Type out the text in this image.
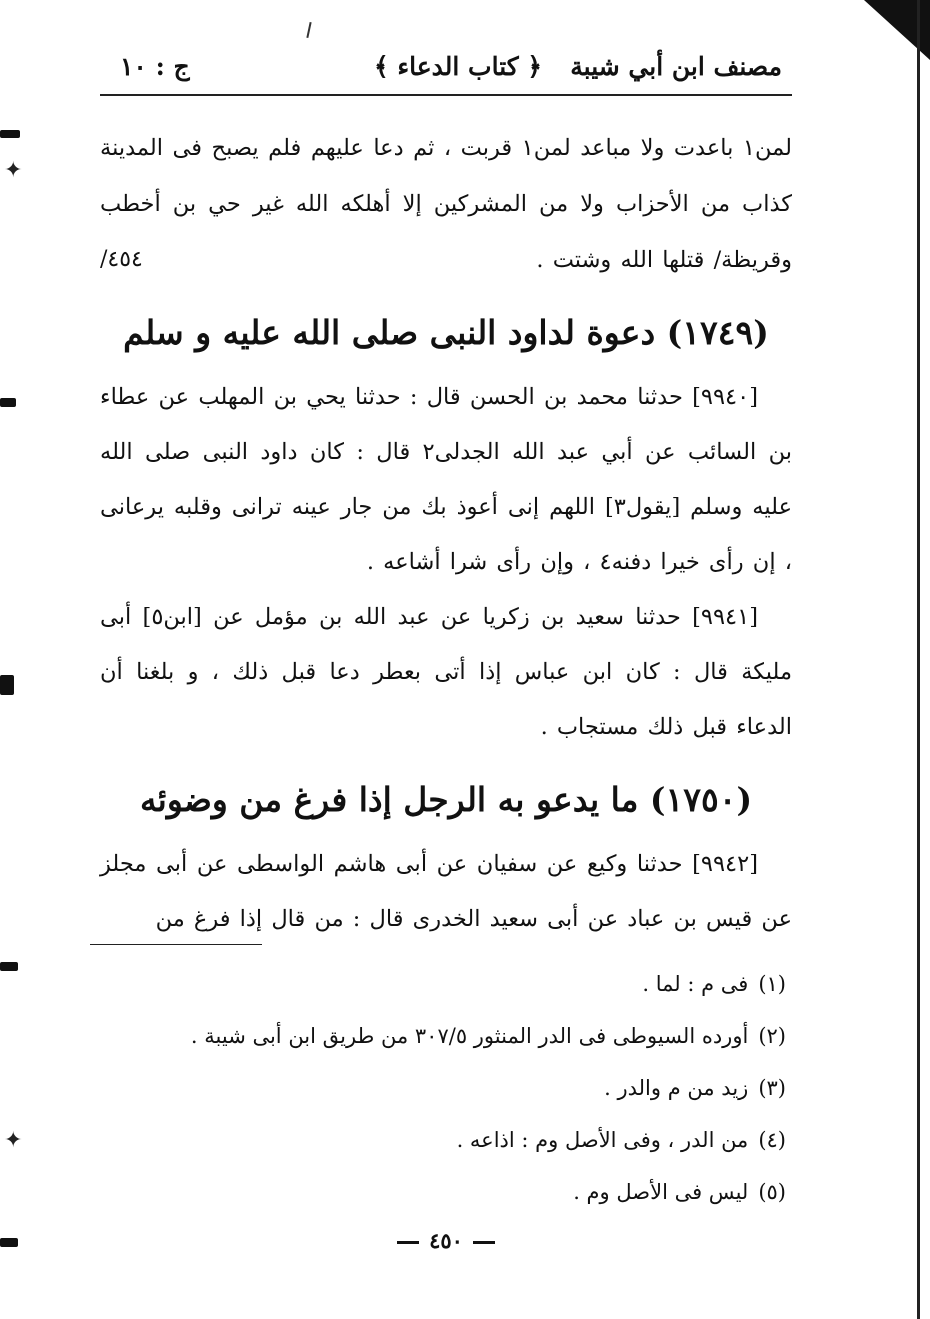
✦
✦
مصنف ابن أبي شيبة
﴿ كتاب الدعاء ﴾
ج : ١٠

لمن١ باعدت ولا مباعد لمن١ قربت ، ثم دعا عليهم فلم يصبح فى المدينة كذاب من الأحزاب ولا من المشركين إلا أهلكه الله غير حي بن أخطب وقريظة/ قتلها الله وشتت .
٤٥٤/

(١٧٤٩) دعوة لداود النبى صلى الله عليه و سلم

[٩٩٤٠] حدثنا محمد بن الحسن قال : حدثنا يحي بن المهلب عن عطاء بن السائب عن أبي عبد الله الجدلى٢ قال : كان داود النبى صلى الله عليه وسلم [يقول٣] اللهم إنى أعوذ بك من جار عينه ترانى وقلبه يرعانى ، إن رأى خيرا دفنه٤ ، وإن رأى شرا أشاعه .

[٩٩٤١] حدثنا سعيد بن زكريا عن عبد الله بن مؤمل عن [ابن٥] أبى مليكة قال : كان ابن عباس إذا أتى بعطر دعا قبل ذلك ، و بلغنا أن الدعاء قبل ذلك مستجاب .

(١٧٥٠) ما يدعو به الرجل إذا فرغ من وضوئه

[٩٩٤٢] حدثنا وكيع عن سفيان عن أبى هاشم الواسطى عن أبى مجلز عن قيس بن عباد عن أبى سعيد الخدرى قال : من قال إذا فرغ من

(١)فى م : لما .

(٢)أورده السيوطى فى الدر المنثور ٣٠٧/٥ من طريق ابن أبى شيبة .

(٣)زيد من م والدر .

(٤)من الدر ، وفى الأصل وم : اذاعه .

(٥)ليس فى الأصل وم .

٤٥٠
